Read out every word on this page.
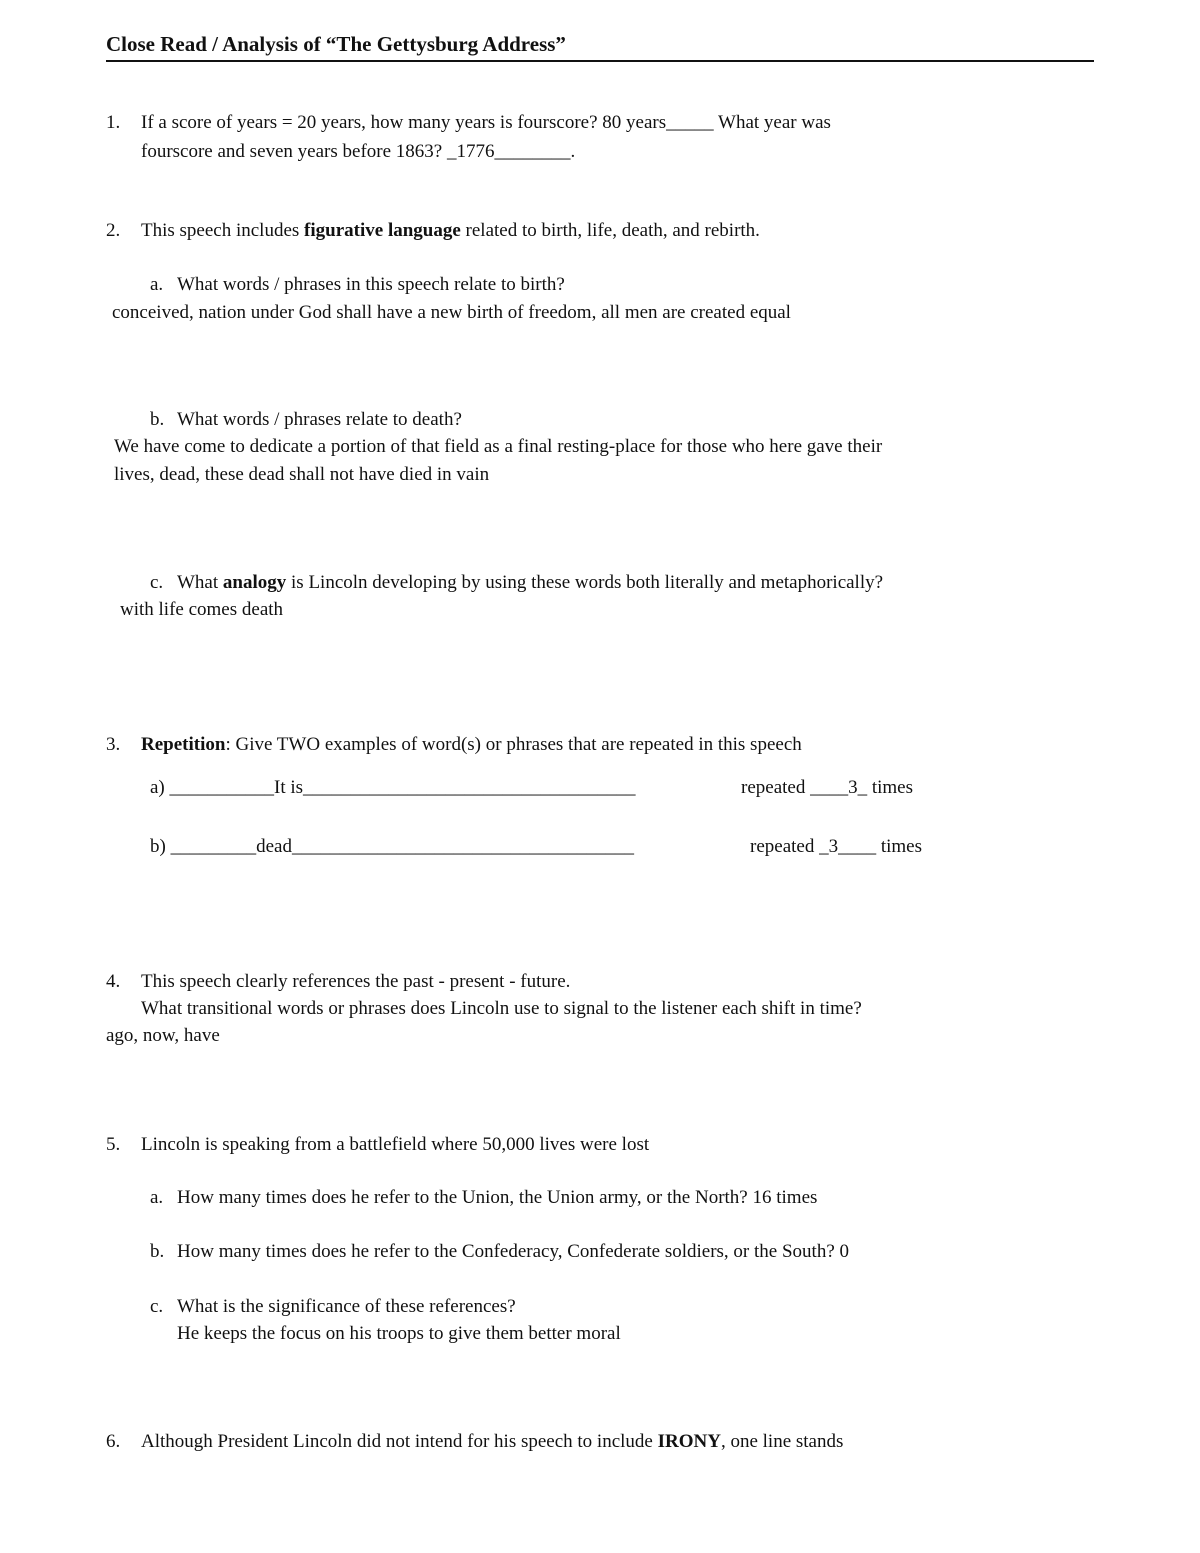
Close Read / Analysis of “The Gettysburg Address”
1. If a score of years = 20 years, how many years is fourscore? 80 years_____ What year was
fourscore and seven years before 1863? _1776________.
2. This speech includes figurative language related to birth, life, death, and rebirth.
a. What words / phrases in this speech relate to birth?
conceived, nation under God shall have a new birth of freedom, all men are created equal
b. What words / phrases relate to death?
We have come to dedicate a portion of that field as a final resting-place for those who here gave their
lives, dead, these dead shall not have died in vain
c. What analogy is Lincoln developing by using these words both literally and metaphorically?
with life comes death
3. Repetition: Give TWO examples of word(s) or phrases that are repeated in this speech
a) ___________It is___________________________________	repeated ____3_ times
b) _________dead____________________________________	repeated _3____ times
4. This speech clearly references the past - present - future.
What transitional words or phrases does Lincoln use to signal to the listener each shift in time?
ago, now, have
5. Lincoln is speaking from a battlefield where 50,000 lives were lost
a. How many times does he refer to the Union, the Union army, or the North? 16 times
b. How many times does he refer to the Confederacy, Confederate soldiers, or the South? 0
c. What is the significance of these references?
He keeps the focus on his troops to give them better moral
6. Although President Lincoln did not intend for his speech to include IRONY, one line stands
